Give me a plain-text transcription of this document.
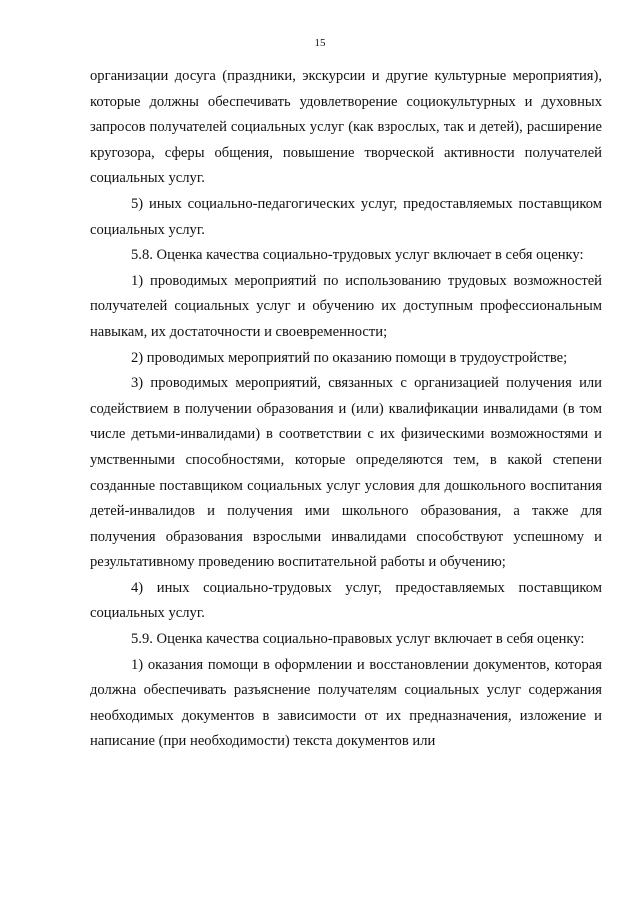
15

организации досуга (праздники, экскурсии и другие культурные мероприятия), которые должны обеспечивать удовлетворение социокультурных и духовных запросов получателей социальных услуг (как взрослых, так и детей), расширение кругозора, сферы общения, повышение творческой активности получателей социальных услуг.

5) иных социально-педагогических услуг, предоставляемых поставщиком социальных услуг.

5.8. Оценка качества социально-трудовых услуг включает в себя оценку:

1) проводимых мероприятий по использованию трудовых возможностей получателей социальных услуг и обучению их доступным профессиональным навыкам, их достаточности и своевременности;

2) проводимых мероприятий по оказанию помощи в трудоустройстве;

3) проводимых мероприятий, связанных с организацией получения или содействием в получении образования и (или) квалификации инвалидами (в том числе детьми-инвалидами) в соответствии с их физическими возможностями и умственными способностями, которые определяются тем, в какой степени созданные поставщиком социальных услуг условия для дошкольного воспитания детей-инвалидов и получения ими школьного образования, а также для получения образования взрослыми инвалидами способствуют успешному и результативному проведению воспитательной работы и обучению;

4) иных социально-трудовых услуг, предоставляемых поставщиком социальных услуг.

5.9. Оценка качества социально-правовых услуг включает в себя оценку:

1) оказания помощи в оформлении и восстановлении документов, которая должна обеспечивать разъяснение получателям социальных услуг содержания необходимых документов в зависимости от их предназначения, изложение и написание (при необходимости) текста документов или
